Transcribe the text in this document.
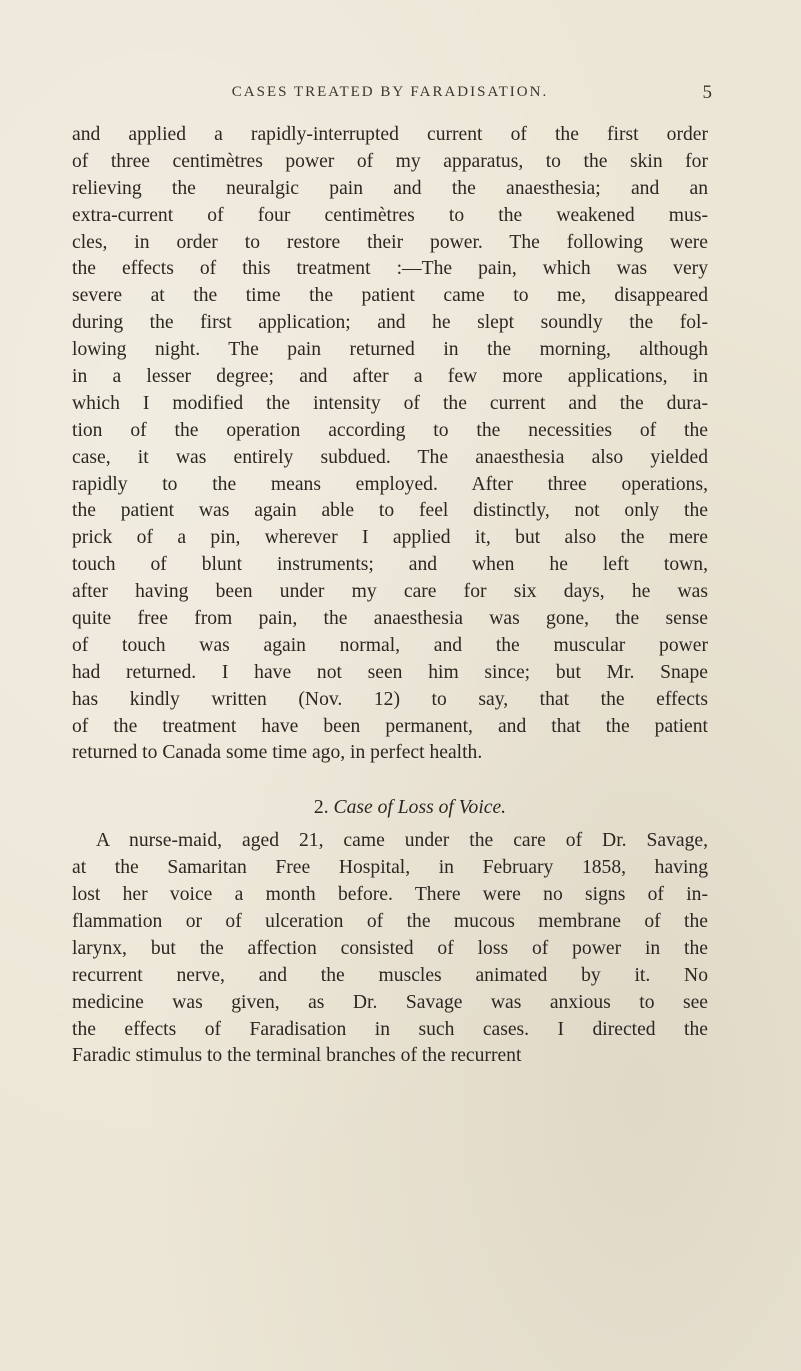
CASES TREATED BY FARADISATION.	5
and applied a rapidly-interrupted current of the first order
of three centimètres power of my apparatus, to the skin for
relieving the neuralgic pain and the anaesthesia; and an
extra-current of four centimètres to the weakened mus-
cles, in order to restore their power. The following were
the effects of this treatment :—The pain, which was very
severe at the time the patient came to me, disappeared
during the first application; and he slept soundly the fol-
lowing night. The pain returned in the morning, although
in a lesser degree; and after a few more applications, in
which I modified the intensity of the current and the dura-
tion of the operation according to the necessities of the
case, it was entirely subdued. The anaesthesia also yielded
rapidly to the means employed. After three operations,
the patient was again able to feel distinctly, not only the
prick of a pin, wherever I applied it, but also the mere
touch of blunt instruments; and when he left town,
after having been under my care for six days, he was
quite free from pain, the anaesthesia was gone, the sense
of touch was again normal, and the muscular power
had returned. I have not seen him since; but Mr. Snape
has kindly written (Nov. 12) to say, that the effects
of the treatment have been permanent, and that the patient
returned to Canada some time ago, in perfect health.
2. Case of Loss of Voice.
A nurse-maid, aged 21, came under the care of Dr. Savage,
at the Samaritan Free Hospital, in February 1858, having
lost her voice a month before. There were no signs of in-
flammation or of ulceration of the mucous membrane of the
larynx, but the affection consisted of loss of power in the
recurrent nerve, and the muscles animated by it. No
medicine was given, as Dr. Savage was anxious to see
the effects of Faradisation in such cases. I directed the
Faradic stimulus to the terminal branches of the recurrent
